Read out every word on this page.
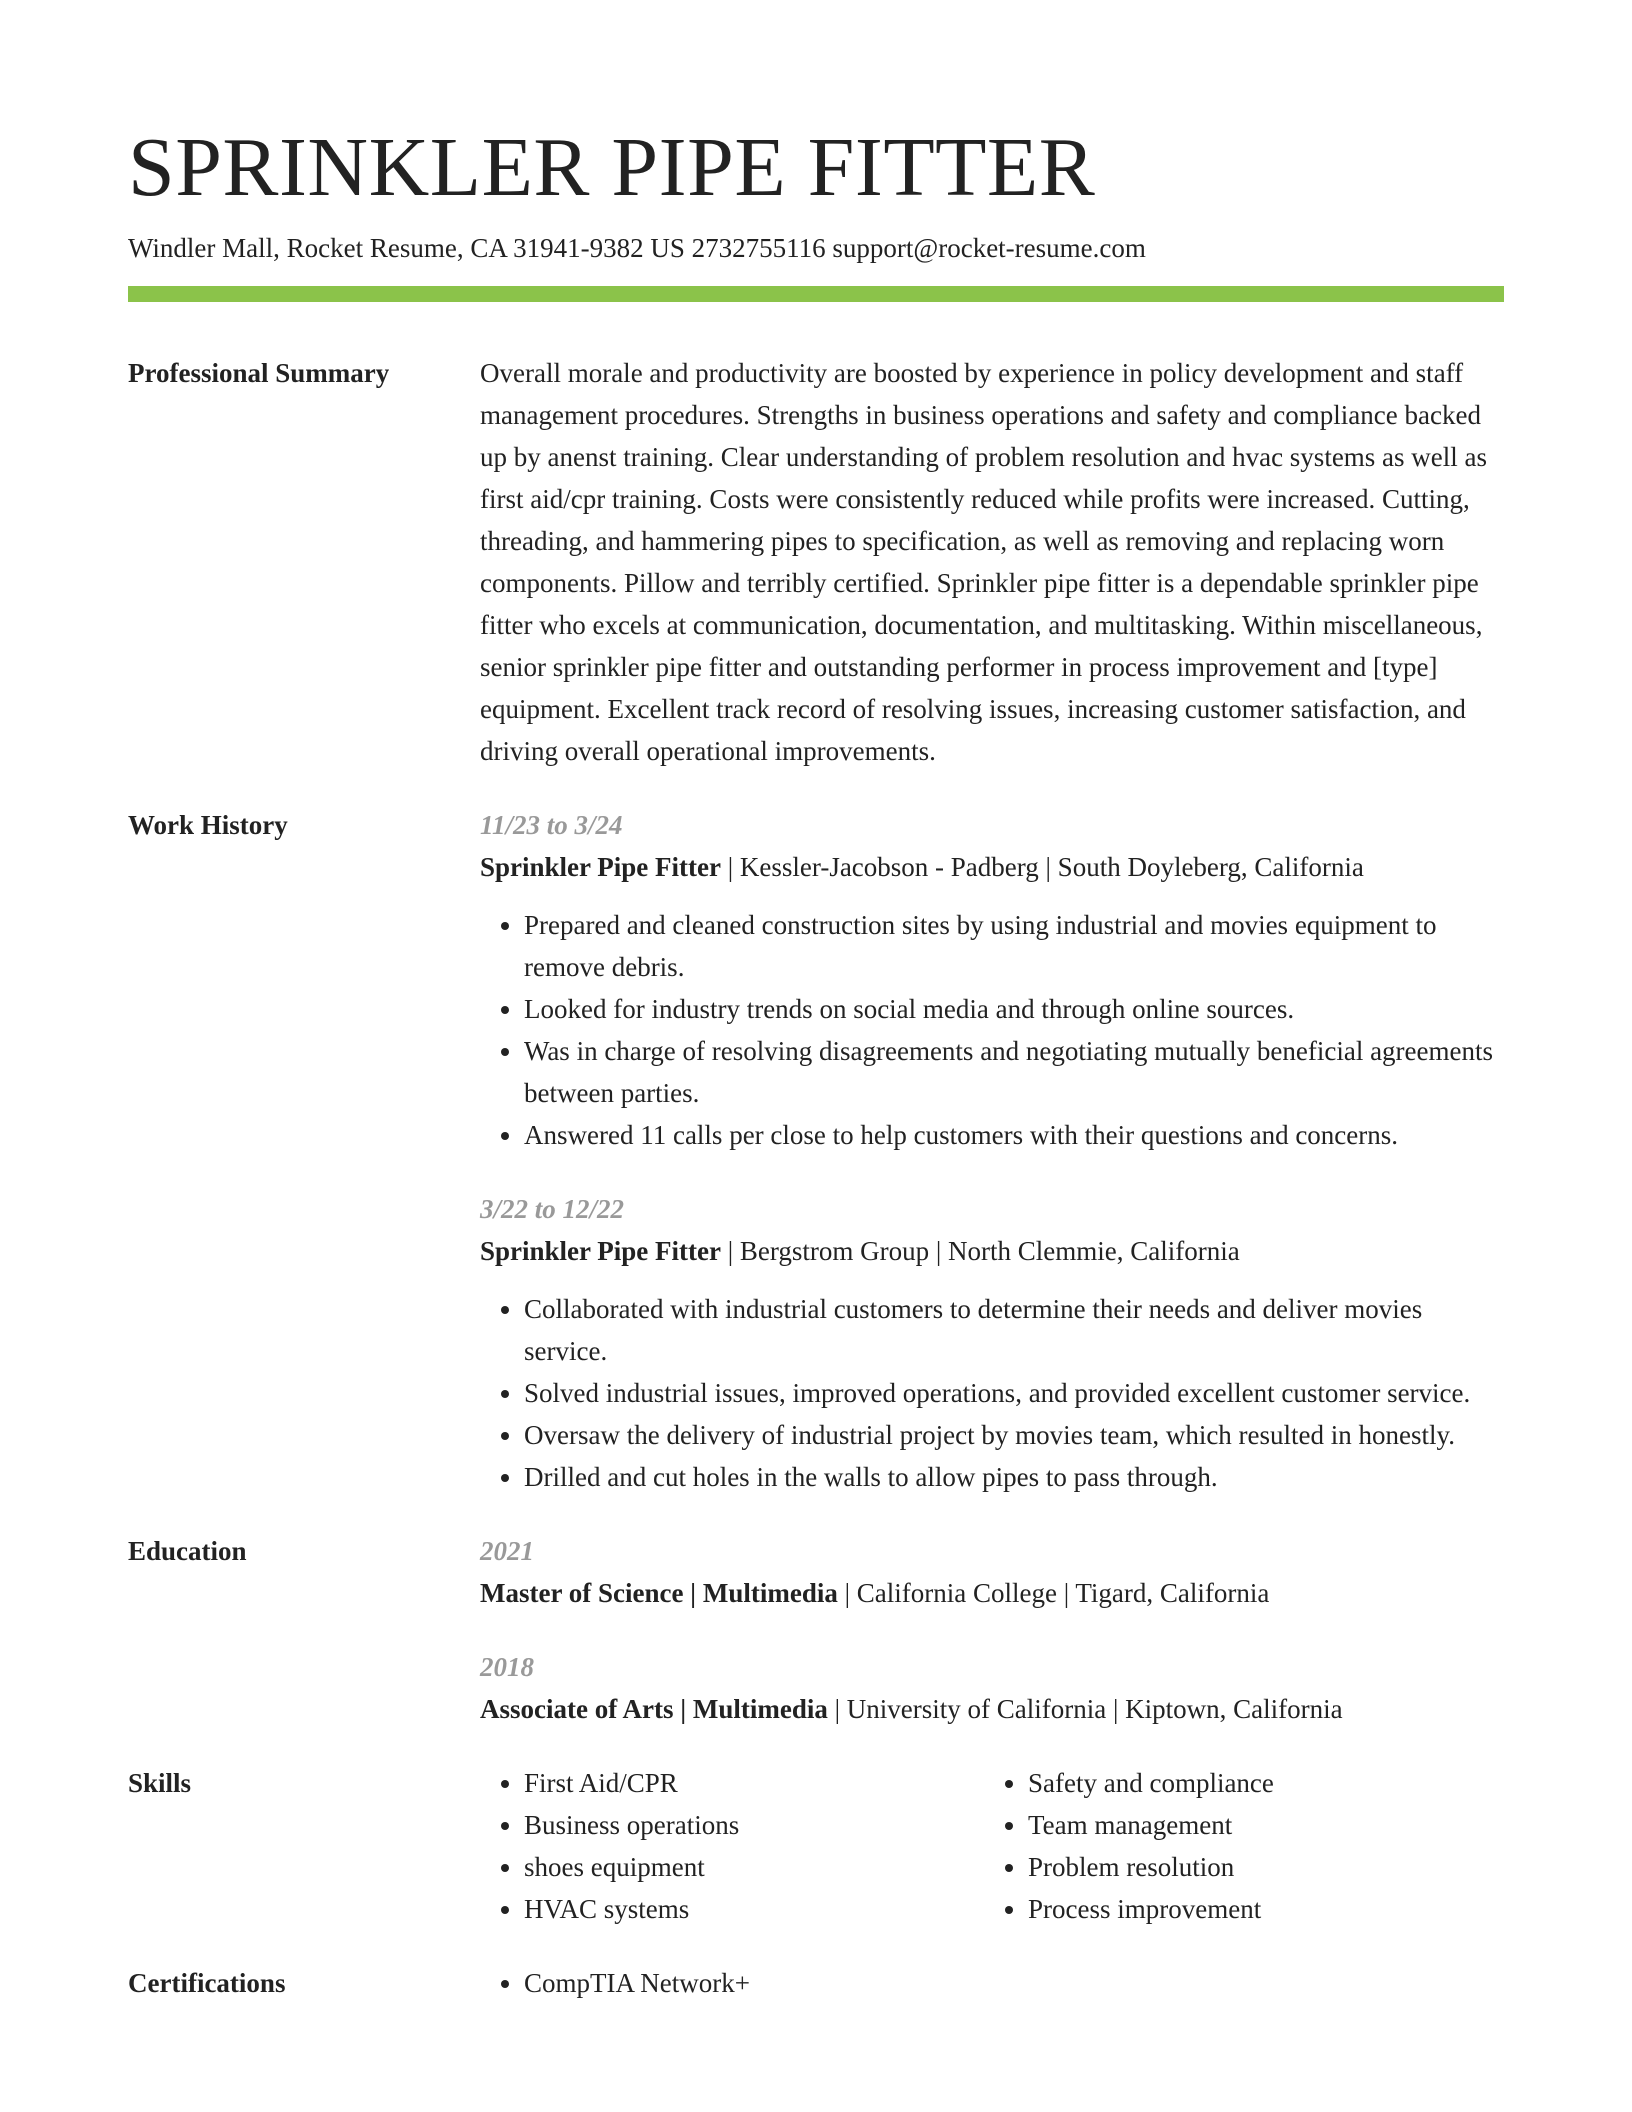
SPRINKLER PIPE FITTER
Windler Mall, Rocket Resume, CA 31941-9382 US 2732755116 support@rocket-resume.com
Professional Summary	Overall morale and productivity are boosted by experience in policy development and staff management procedures. Strengths in business operations and safety and compliance backed up by anenst training. Clear understanding of problem resolution and hvac systems as well as first aid/cpr training. Costs were consistently reduced while profits were increased. Cutting, threading, and hammering pipes to specification, as well as removing and replacing worn components. Pillow and terribly certified. Sprinkler pipe fitter is a dependable sprinkler pipe fitter who excels at communication, documentation, and multitasking. Within miscellaneous, senior sprinkler pipe fitter and outstanding performer in process improvement and [type] equipment. Excellent track record of resolving issues, increasing customer satisfaction, and driving overall operational improvements.
Work History	11/23 to 3/24
Sprinkler Pipe Fitter | Kessler-Jacobson - Padberg | South Doyleberg, California
• Prepared and cleaned construction sites by using industrial and movies equipment to remove debris.
• Looked for industry trends on social media and through online sources.
• Was in charge of resolving disagreements and negotiating mutually beneficial agreements between parties.
• Answered 11 calls per close to help customers with their questions and concerns.
3/22 to 12/22
Sprinkler Pipe Fitter | Bergstrom Group | North Clemmie, California
• Collaborated with industrial customers to determine their needs and deliver movies service.
• Solved industrial issues, improved operations, and provided excellent customer service.
• Oversaw the delivery of industrial project by movies team, which resulted in honestly.
• Drilled and cut holes in the walls to allow pipes to pass through.
Education	2021
Master of Science | Multimedia | California College | Tigard, California
2018
Associate of Arts | Multimedia | University of California | Kiptown, California
Skills	• First Aid/CPR
• Business operations
• shoes equipment
• HVAC systems
• Safety and compliance
• Team management
• Problem resolution
• Process improvement
Certifications	• CompTIA Network+
